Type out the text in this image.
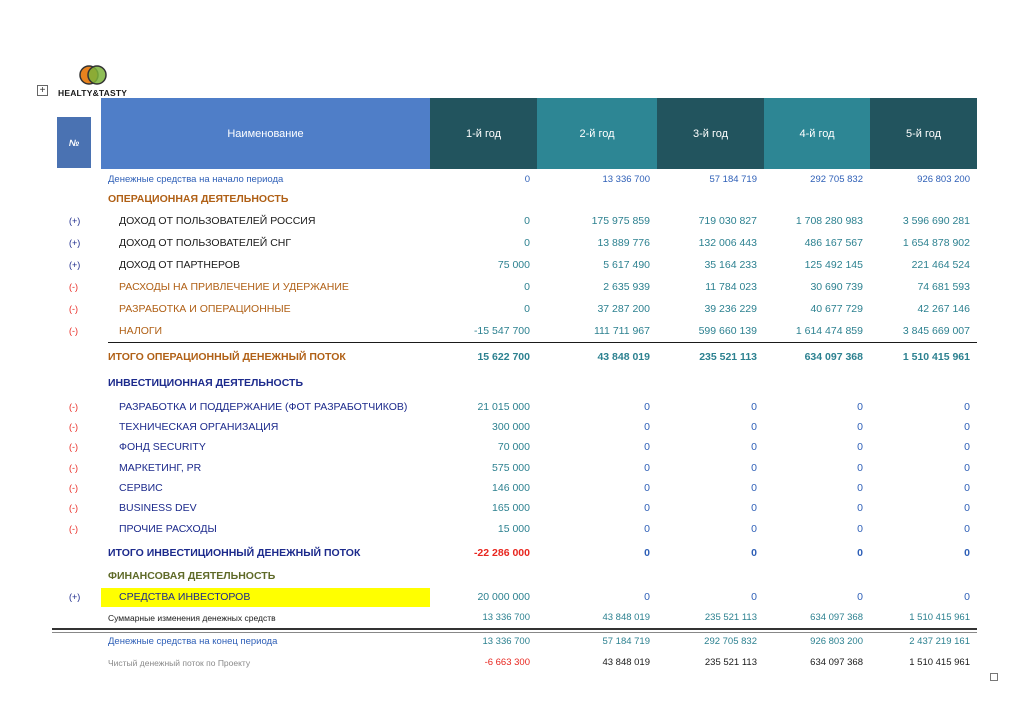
HEALTY&TASTY
+
№
Наименование	1-й год	2-й год	3-й год	4-й год	5-й год
Денежные средства на начало периода	0	13 336 700	57 184 719	292 705 832	926 803 200
ОПЕРАЦИОННАЯ ДЕЯТЕЛЬНОСТЬ
(+)	ДОХОД ОТ ПОЛЬЗОВАТЕЛЕЙ РОССИЯ	0	175 975 859	719 030 827	1 708 280 983	3 596 690 281
(+)	ДОХОД ОТ ПОЛЬЗОВАТЕЛЕЙ СНГ	0	13 889 776	132 006 443	486 167 567	1 654 878 902
(+)	ДОХОД ОТ ПАРТНЕРОВ	75 000	5 617 490	35 164 233	125 492 145	221 464 524
(-)	РАСХОДЫ НА ПРИВЛЕЧЕНИЕ И УДЕРЖАНИЕ	0	2 635 939	11 784 023	30 690 739	74 681 593
(-)	РАЗРАБОТКА И ОПЕРАЦИОННЫЕ	0	37 287 200	39 236 229	40 677 729	42 267 146
(-)	НАЛОГИ	-15 547 700	111 711 967	599 660 139	1 614 474 859	3 845 669 007
ИТОГО ОПЕРАЦИОННЫЙ ДЕНЕЖНЫЙ ПОТОК	15 622 700	43 848 019	235 521 113	634 097 368	1 510 415 961
ИНВЕСТИЦИОННАЯ ДЕЯТЕЛЬНОСТЬ
(-)	РАЗРАБОТКА И ПОДДЕРЖАНИЕ (ФОТ РАЗРАБОТЧИКОВ)	21 015 000	0	0	0	0
(-)	ТЕХНИЧЕСКАЯ ОРГАНИЗАЦИЯ	300 000	0	0	0	0
(-)	ФОНД SECURITY	70 000	0	0	0	0
(-)	МАРКЕТИНГ, PR	575 000	0	0	0	0
(-)	СЕРВИС	146 000	0	0	0	0
(-)	BUSINESS DEV	165 000	0	0	0	0
(-)	ПРОЧИЕ РАСХОДЫ	15 000	0	0	0	0
ИТОГО ИНВЕСТИЦИОННЫЙ ДЕНЕЖНЫЙ ПОТОК	-22 286 000	0	0	0	0
ФИНАНСОВАЯ ДЕЯТЕЛЬНОСТЬ
(+)	СРЕДСТВА ИНВЕСТОРОВ	20 000 000	0	0	0	0
Суммарные изменения денежных средств	13 336 700	43 848 019	235 521 113	634 097 368	1 510 415 961
Денежные средства на конец периода	13 336 700	57 184 719	292 705 832	926 803 200	2 437 219 161
Чистый денежный поток по Проекту	-6 663 300	43 848 019	235 521 113	634 097 368	1 510 415 961
